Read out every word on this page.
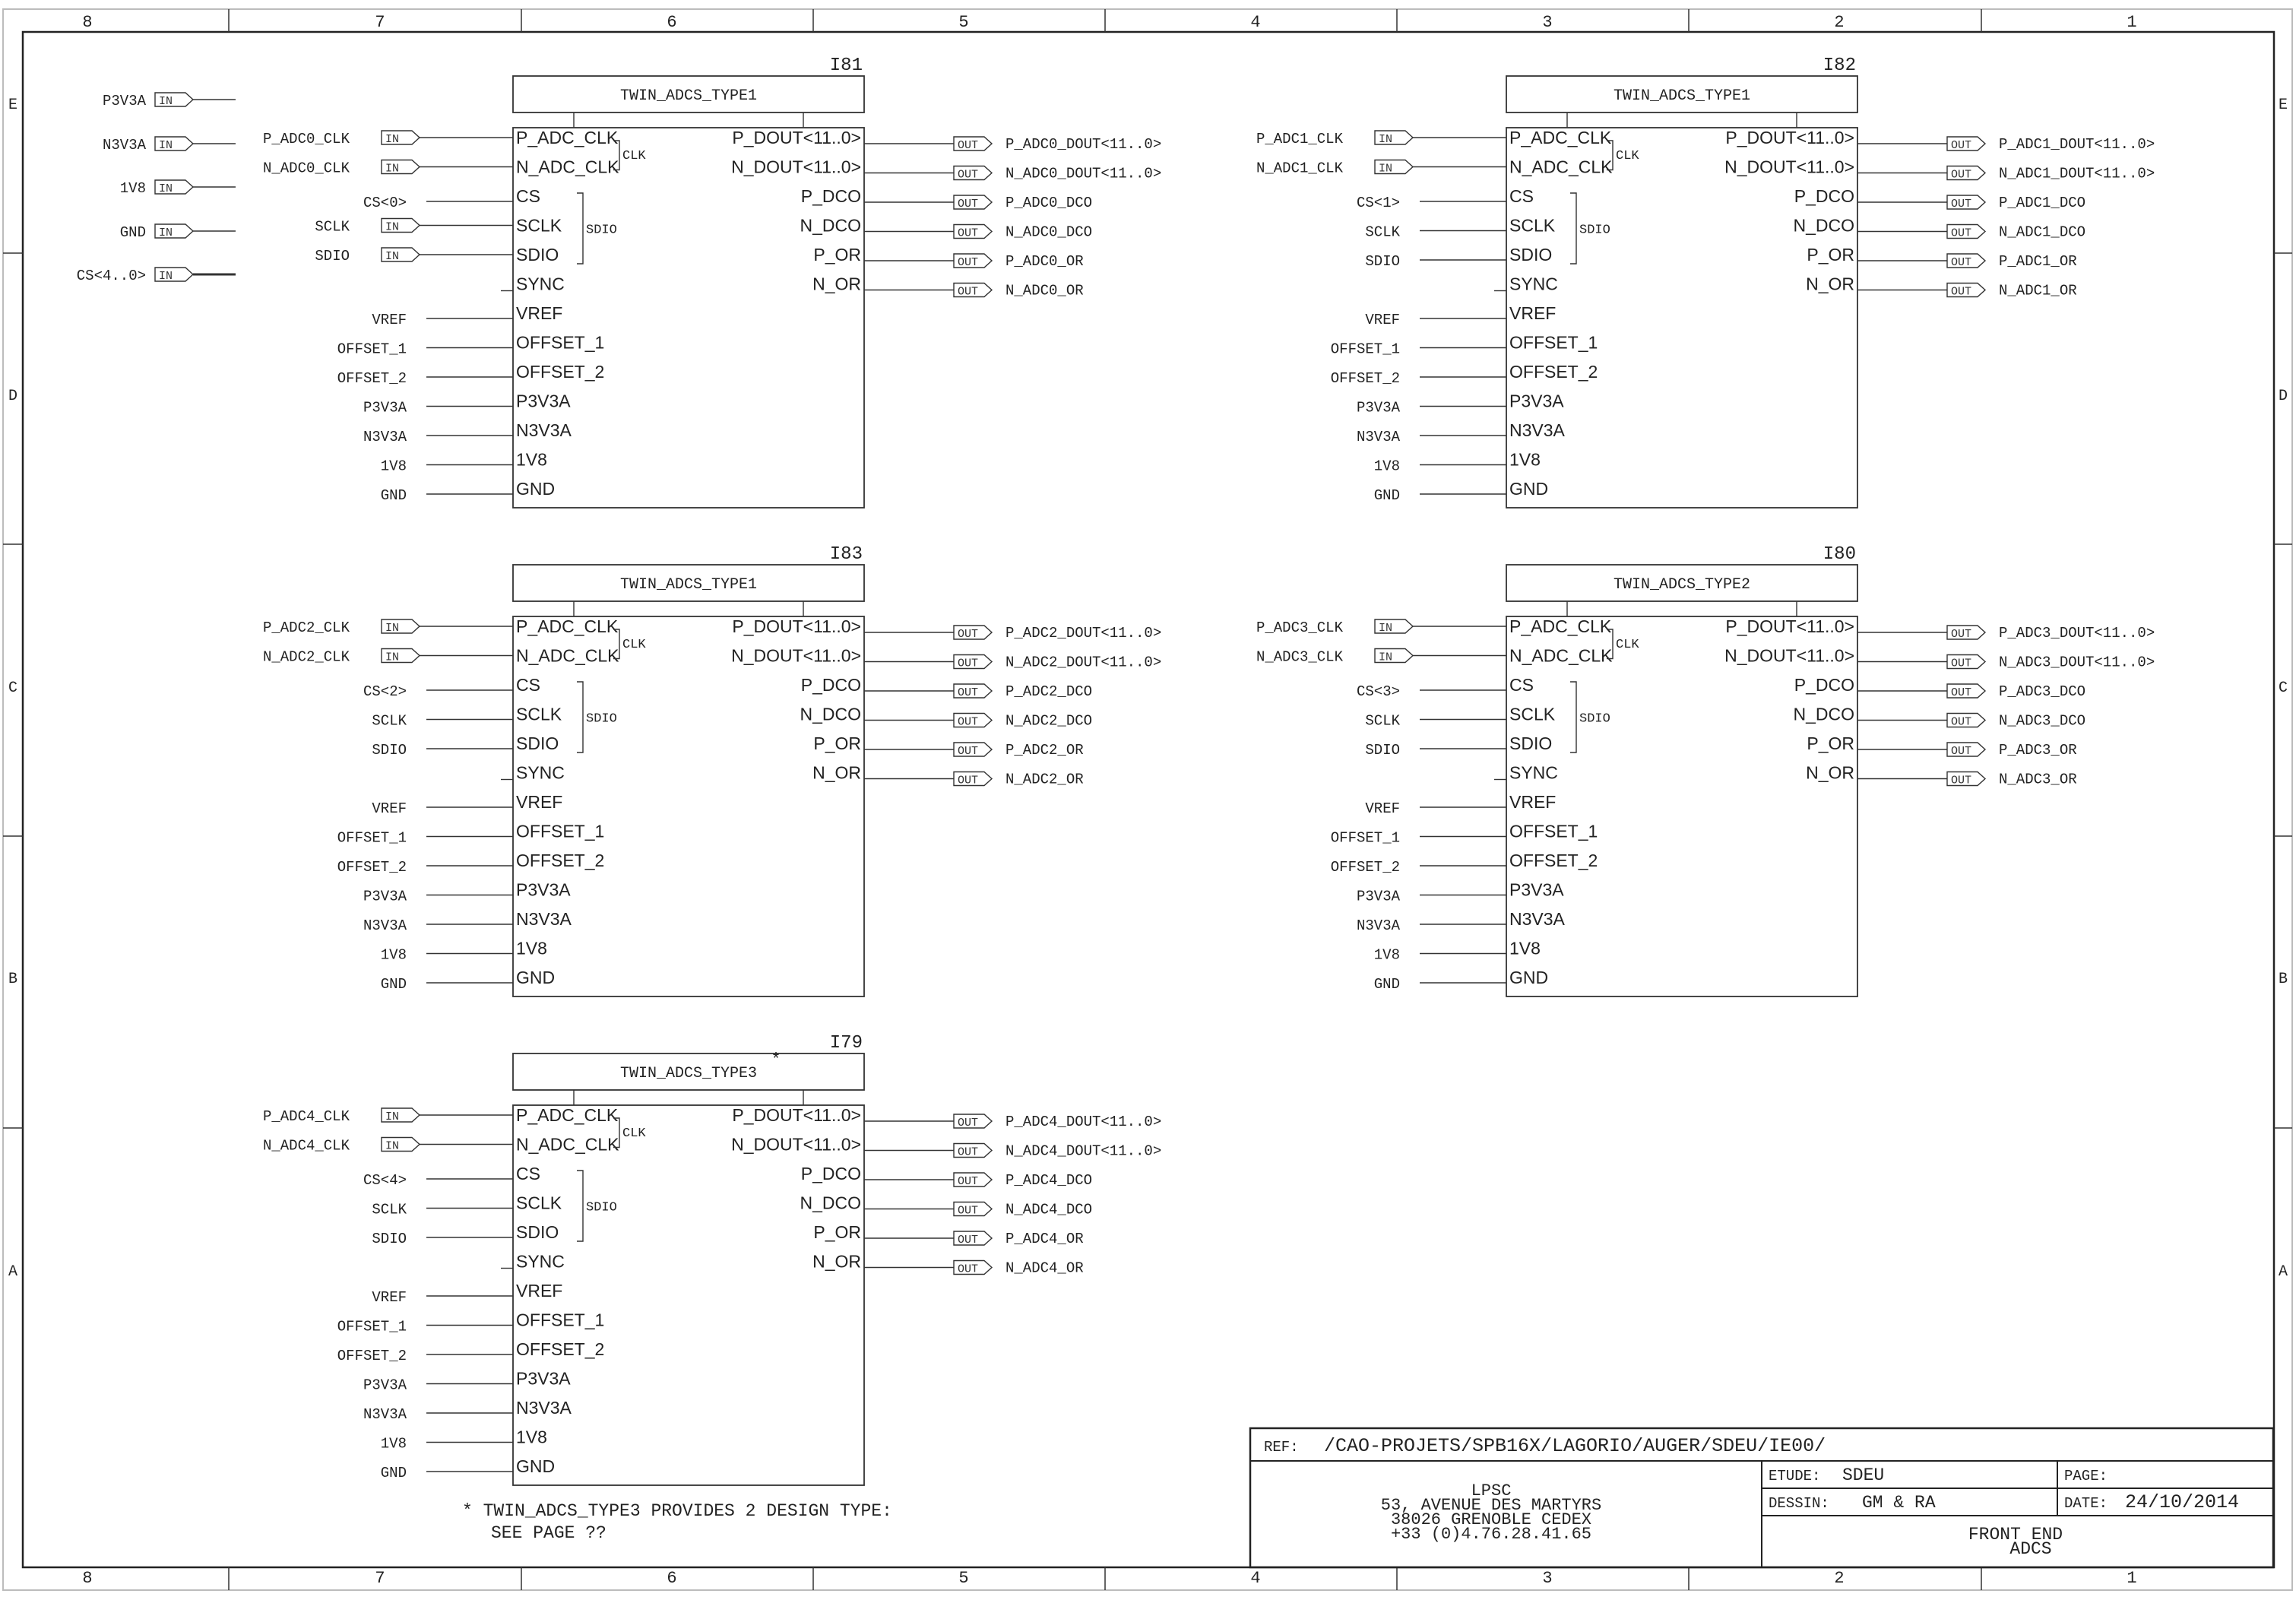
8
8
7
7
6
6
5
5
4
4
3
3
2
2
1
1
E	E
D	D
C	C
B	B
A	A
P3V3A IN
N3V3A IN
1V8 IN
GND IN
CS<4..0> IN
I81
TWIN_ADCS_TYPE1
P_ADC_CLK
IN
P_ADC0_CLK
N_ADC_CLK
IN
N_ADC0_CLK
CS
CS<0>
SCLK
IN
SCLK
SDIO
IN
SDIO
SYNC
VREF
VREF
OFFSET_1
OFFSET_1
OFFSET_2
OFFSET_2
P3V3A
P3V3A
N3V3A
N3V3A
1V8
1V8
GND
GND
CLK
SDIO
P_DOUT<11..0>	OUT P_ADC0_DOUT<11..0>
N_DOUT<11..0>	OUT N_ADC0_DOUT<11..0>
P_DCO	OUT P_ADC0_DCO
N_DCO	OUT N_ADC0_DCO
P_OR	OUT P_ADC0_OR
N_OR	OUT N_ADC0_OR
I82
TWIN_ADCS_TYPE1
P_ADC_CLK
IN
P_ADC1_CLK
N_ADC_CLK
IN
N_ADC1_CLK
CS
CS<1>
SCLK
SCLK
SDIO
SDIO
SYNC
VREF
VREF
OFFSET_1
OFFSET_1
OFFSET_2
OFFSET_2
P3V3A
P3V3A
N3V3A
N3V3A
1V8
1V8
GND
GND
CLK
SDIO
P_DOUT<11..0>	OUT P_ADC1_DOUT<11..0>
N_DOUT<11..0>	OUT N_ADC1_DOUT<11..0>
P_DCO	OUT P_ADC1_DCO
N_DCO	OUT N_ADC1_DCO
P_OR	OUT P_ADC1_OR
N_OR	OUT N_ADC1_OR
I83
TWIN_ADCS_TYPE1
P_ADC_CLK
IN
P_ADC2_CLK
N_ADC_CLK
IN
N_ADC2_CLK
CS
CS<2>
SCLK
SCLK
SDIO
SDIO
SYNC
VREF
VREF
OFFSET_1
OFFSET_1
OFFSET_2
OFFSET_2
P3V3A
P3V3A
N3V3A
N3V3A
1V8
1V8
GND
GND
CLK
SDIO
P_DOUT<11..0>	OUT P_ADC2_DOUT<11..0>
N_DOUT<11..0>	OUT N_ADC2_DOUT<11..0>
P_DCO	OUT P_ADC2_DCO
N_DCO	OUT N_ADC2_DCO
P_OR	OUT P_ADC2_OR
N_OR	OUT N_ADC2_OR
I80
TWIN_ADCS_TYPE2
P_ADC_CLK
IN
P_ADC3_CLK
N_ADC_CLK
IN
N_ADC3_CLK
CS
CS<3>
SCLK
SCLK
SDIO
SDIO
SYNC
VREF
VREF
OFFSET_1
OFFSET_1
OFFSET_2
OFFSET_2
P3V3A
P3V3A
N3V3A
N3V3A
1V8
1V8
GND
GND
CLK
SDIO
P_DOUT<11..0>	OUT P_ADC3_DOUT<11..0>
N_DOUT<11..0>	OUT N_ADC3_DOUT<11..0>
P_DCO	OUT P_ADC3_DCO
N_DCO	OUT N_ADC3_DCO
P_OR	OUT P_ADC3_OR
N_OR	OUT N_ADC3_OR
I79
TWIN_ADCS_TYPE3
*
P_ADC_CLK
IN
P_ADC4_CLK
N_ADC_CLK
IN
N_ADC4_CLK
CS
CS<4>
SCLK
SCLK
SDIO
SDIO
SYNC
VREF
VREF
OFFSET_1
OFFSET_1
OFFSET_2
OFFSET_2
P3V3A
P3V3A
N3V3A
N3V3A
1V8
1V8
GND
GND
CLK
SDIO
P_DOUT<11..0>	OUT P_ADC4_DOUT<11..0>
N_DOUT<11..0>	OUT N_ADC4_DOUT<11..0>
P_DCO	OUT P_ADC4_DCO
N_DCO	OUT N_ADC4_DCO
P_OR	OUT P_ADC4_OR
N_OR	OUT N_ADC4_OR
* TWIN_ADCS_TYPE3 PROVIDES 2 DESIGN TYPE:
SEE PAGE ??
REF: /CAO-PROJETS/SPB16X/LAGORIO/AUGER/SDEU/IE00/
LPSC
53, AVENUE DES MARTYRS
38026 GRENOBLE CEDEX
+33 (0)4.76.28.41.65
ETUDE: SDEU	PAGE:
DESSIN: GM & RA	DATE: 24/10/2014
FRONT END
ADCS
